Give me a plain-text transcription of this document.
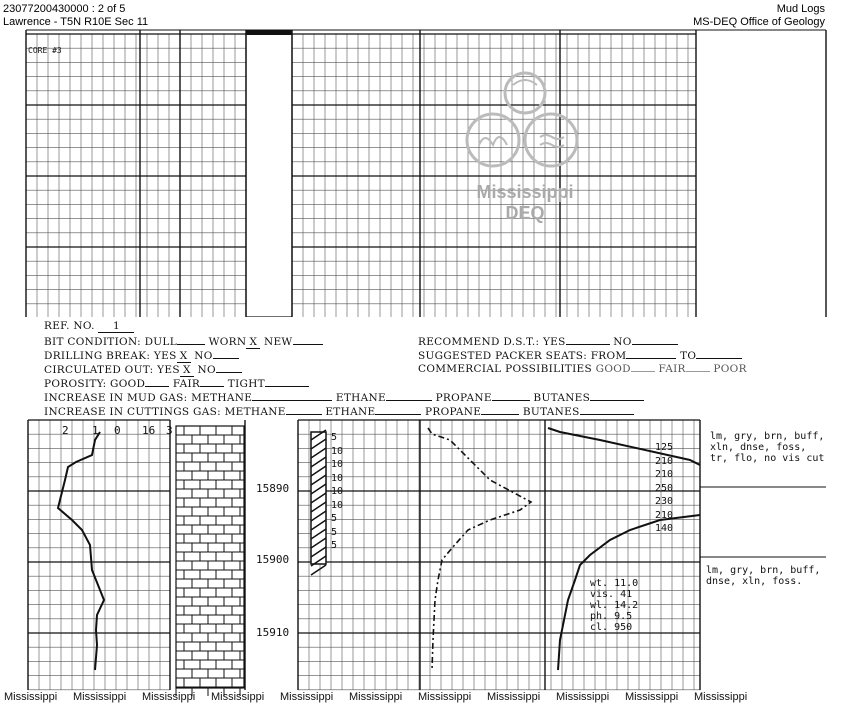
23077200430000 : 2 of 5
Lawrence - T5N R10E Sec 11
Mud Logs
MS-DEQ Office of Geology
CORE #3
Mississippi
DEQ
REF. NO. 1
BIT CONDITION: DULL	WORN X NEW
DRILLING BREAK: YES X NO
CIRCULATED OUT: YES X NO
POROSITY: GOOD	FAIR	TIGHT
INCREASE IN MUD GAS: METHANE	ETHANE	PROPANE	BUTANES
INCREASE IN CUTTINGS GAS: METHANE	ETHANE	PROPANE	BUTANES
RECOMMEND D.S.T.: YES	NO
SUGGESTED PACKER SEATS: FROM	TO
COMMERCIAL POSSIBILITIES GOOD	FAIR	POOR
2 1 0 16 3
15890
15900
15910
5
10
10
10
10
10
5
5
5
125
210
210
250
230
210
140
wt. 11.0
vis. 41
wl. 14.2
ph. 9.5
cl. 950
lm, gry, brn, buff,
xln, dnse, foss,
tr, flo, no vis cut
lm, gry, brn, buff,
dnse, xln, foss.
Mississippi	Mississippi	Mississippi	Mississippi	Mississippi	Mississippi	Mississippi	Mississippi	Mississippi	Mississippi	Mississippi
